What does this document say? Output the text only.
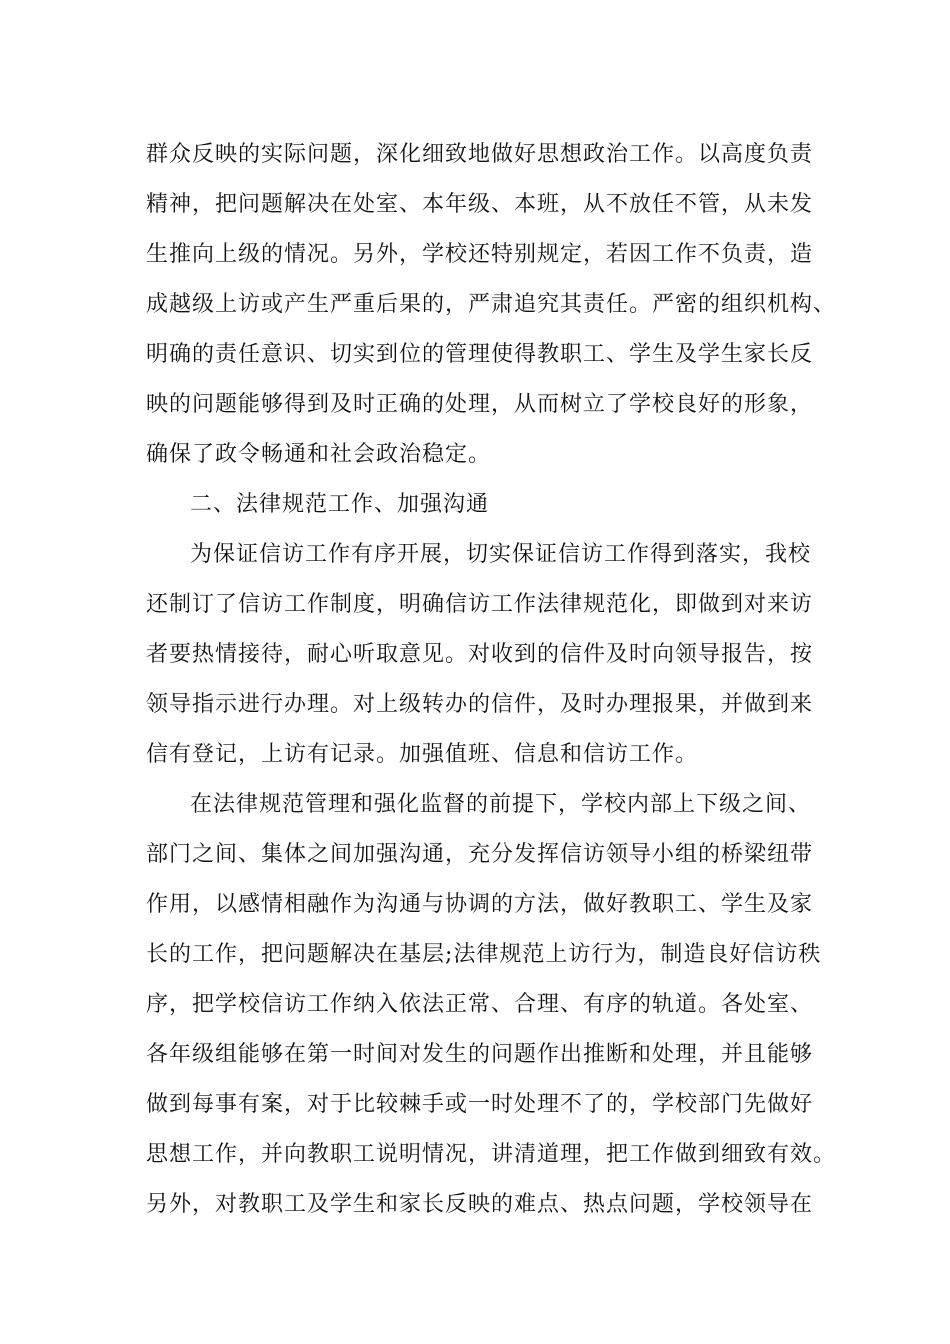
群众反映的实际问题，深化细致地做好思想政治工作。以高度负责
精神，把问题解决在处室、本年级、本班，从不放任不管，从未发
生推向上级的情况。另外，学校还特别规定，若因工作不负责，造
成越级上访或产生严重后果的，严肃追究其责任。严密的组织机构、
明确的责任意识、切实到位的管理使得教职工、学生及学生家长反
映的问题能够得到及时正确的处理，从而树立了学校良好的形象，
确保了政令畅通和社会政治稳定。
二、法律规范工作、加强沟通
为保证信访工作有序开展，切实保证信访工作得到落实，我校
还制订了信访工作制度，明确信访工作法律规范化，即做到对来访
者要热情接待，耐心听取意见。对收到的信件及时向领导报告，按
领导指示进行办理。对上级转办的信件，及时办理报果，并做到来
信有登记，上访有记录。加强值班、信息和信访工作。
在法律规范管理和强化监督的前提下，学校内部上下级之间、
部门之间、集体之间加强沟通，充分发挥信访领导小组的桥梁纽带
作用，以感情相融作为沟通与协调的方法，做好教职工、学生及家
长的工作，把问题解决在基层;法律规范上访行为，制造良好信访秩
序，把学校信访工作纳入依法正常、合理、有序的轨道。各处室、
各年级组能够在第一时间对发生的问题作出推断和处理，并且能够
做到每事有案，对于比较棘手或一时处理不了的，学校部门先做好
思想工作，并向教职工说明情况，讲清道理，把工作做到细致有效。
另外，对教职工及学生和家长反映的难点、热点问题，学校领导在
